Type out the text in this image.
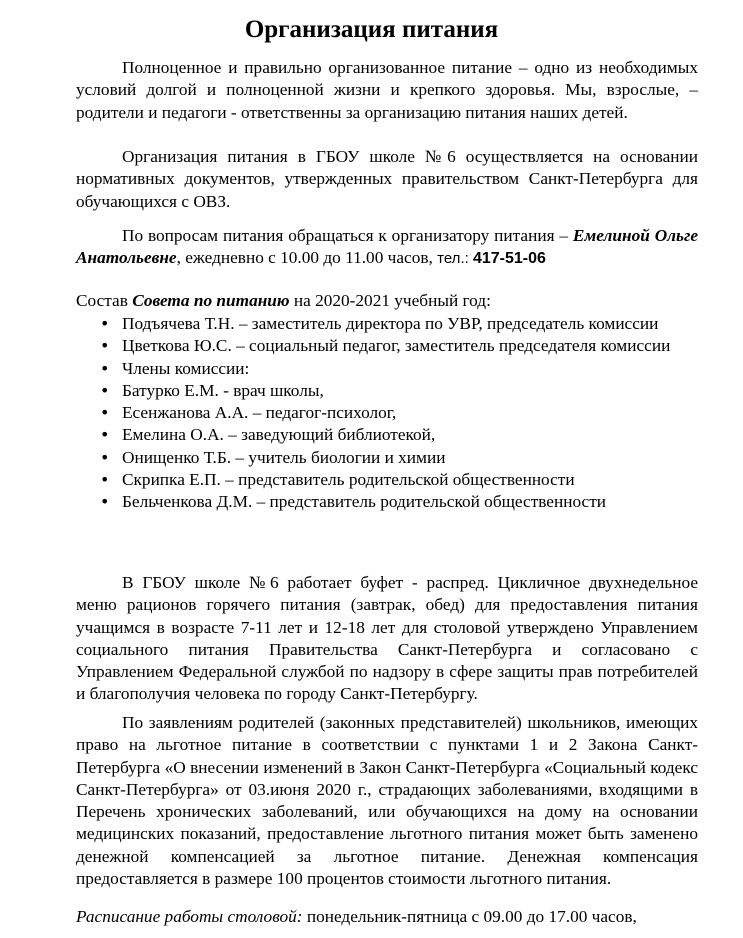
Организация питания

Полноценное и правильно организованное питание – одно из необходимых условий долгой и полноценной жизни и крепкого здоровья. Мы, взрослые, – родители и педагоги - ответственны за организацию питания наших детей.

Организация питания в ГБОУ школе №6 осуществляется на основании нормативных документов, утвержденных правительством Санкт-Петербурга для обучающихся с ОВЗ.

По вопросам питания обращаться к организатору питания – Емелиной Ольге Анатольевне, ежедневно с 10.00 до 11.00 часов, тел.: 417-51-06

Состав Совета по питанию на 2020-2021 учебный год:

• Подъячева Т.Н. – заместитель директора по УВР, председатель комиссии
• Цветкова Ю.С. – социальный педагог, заместитель председателя комиссии
• Члены комиссии:
• Батурко Е.М. - врач школы,
• Есенжанова А.А. – педагог-психолог,
• Емелина О.А. – заведующий библиотекой,
• Онищенко Т.Б. – учитель биологии и химии
• Скрипка Е.П. – представитель родительской общественности
• Бельченкова Д.М. – представитель родительской общественности

В ГБОУ школе №6 работает буфет - распред. Цикличное двухнедельное меню рационов горячего питания (завтрак, обед) для предоставления питания учащимся в возрасте 7-11 лет и 12-18 лет для столовой утверждено Управлением социального питания Правительства Санкт-Петербурга и согласовано с Управлением Федеральной службой по надзору в сфере защиты прав потребителей и благополучия человека по городу Санкт-Петербургу.

По заявлениям родителей (законных представителей) школьников, имеющих право на льготное питание в соответствии с пунктами 1 и 2 Закона Санкт-Петербурга «О внесении изменений в Закон Санкт-Петербурга «Социальный кодекс Санкт-Петербурга» от 03.июня 2020 г., страдающих заболеваниями, входящими в Перечень хронических заболеваний, или обучающихся на дому на основании медицинских показаний, предоставление льготного питания может быть заменено денежной компенсацией за льготное питание. Денежная компенсация предоставляется в размере 100 процентов стоимости льготного питания.

Расписание работы столовой: понедельник-пятница с 09.00 до 17.00 часов,
